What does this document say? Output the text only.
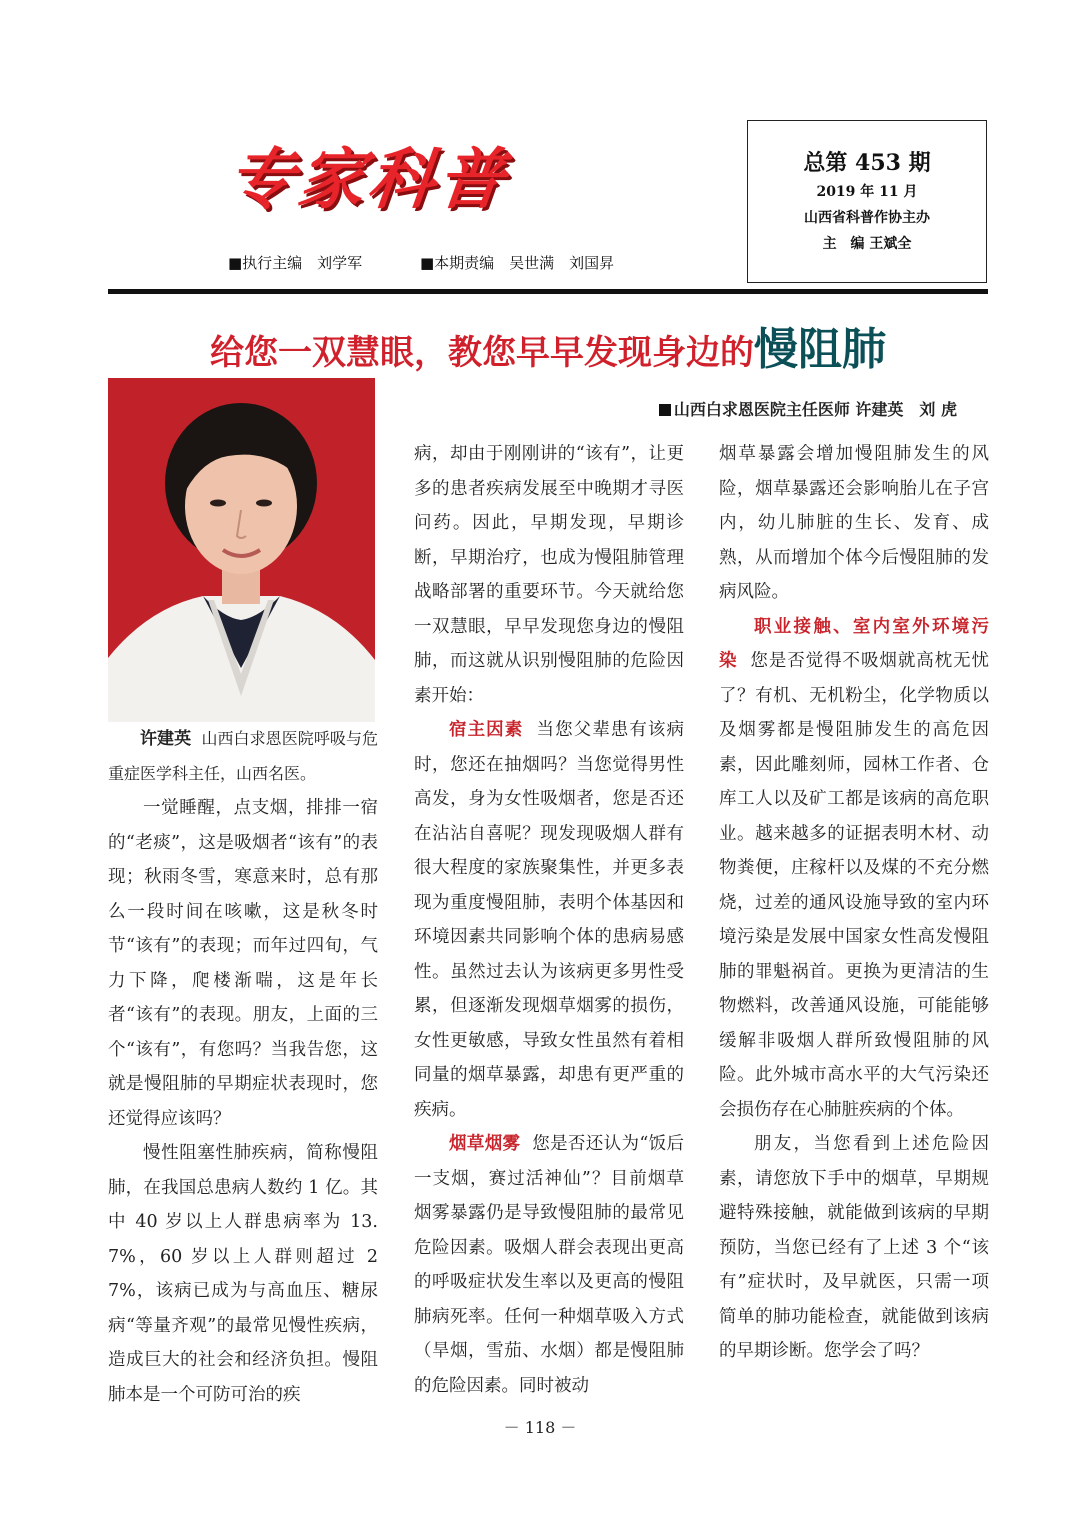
专家科普
■执行主编　刘学军	■本期责编　吴世满　刘国昇
总第 453 期
2019 年 11 月
山西省科普作协主办
主　编 王斌全
给您一双慧眼，教您早早发现身边的慢阻肺
山西白求恩医院主任医师 许建英　刘 虎

许建英 山西白求恩医院呼吸与危重症医学科主任，山西名医。

一觉睡醒，点支烟，排排一宿的“老痰”，这是吸烟者“该有”的表现；秋雨冬雪，寒意来时，总有那么一段时间在咳嗽，这是秋冬时节“该有”的表现；而年过四旬，气力下降，爬楼渐喘，这是年长者“该有”的表现。朋友，上面的三个“该有”，有您吗？当我告您，这就是慢阻肺的早期症状表现时，您还觉得应该吗？

慢性阻塞性肺疾病，简称慢阻肺，在我国总患病人数约 1 亿。其中 40 岁以上人群患病率为 13.7%，60 岁以上人群则超过 27%，该病已成为与高血压、糖尿病“等量齐观”的最常见慢性疾病，造成巨大的社会和经济负担。慢阻肺本是一个可防可治的疾

病，却由于刚刚讲的“该有”，让更多的患者疾病发展至中晚期才寻医问药。因此，早期发现，早期诊断，早期治疗，也成为慢阻肺管理战略部署的重要环节。今天就给您一双慧眼，早早发现您身边的慢阻肺，而这就从识别慢阻肺的危险因素开始：

宿主因素 当您父辈患有该病时，您还在抽烟吗？当您觉得男性高发，身为女性吸烟者，您是否还在沾沾自喜呢？现发现吸烟人群有很大程度的家族聚集性，并更多表现为重度慢阻肺，表明个体基因和环境因素共同影响个体的患病易感性。虽然过去认为该病更多男性受累，但逐渐发现烟草烟雾的损伤，女性更敏感，导致女性虽然有着相同量的烟草暴露，却患有更严重的疾病。

烟草烟雾 您是否还认为“饭后一支烟，赛过活神仙”？目前烟草烟雾暴露仍是导致慢阻肺的最常见危险因素。吸烟人群会表现出更高的呼吸症状发生率以及更高的慢阻肺病死率。任何一种烟草吸入方式（旱烟，雪茄、水烟）都是慢阻肺的危险因素。同时被动

烟草暴露会增加慢阻肺发生的风险，烟草暴露还会影响胎儿在子宫内，幼儿肺脏的生长、发育、成熟，从而增加个体今后慢阻肺的发病风险。

职业接触、室内室外环境污染 您是否觉得不吸烟就高枕无忧了？有机、无机粉尘，化学物质以及烟雾都是慢阻肺发生的高危因素，因此雕刻师，园林工作者、仓库工人以及矿工都是该病的高危职业。越来越多的证据表明木材、动物粪便，庄稼杆以及煤的不充分燃烧，过差的通风设施导致的室内环境污染是发展中国家女性高发慢阻肺的罪魁祸首。更换为更清洁的生物燃料，改善通风设施，可能能够缓解非吸烟人群所致慢阻肺的风险。此外城市高水平的大气污染还会损伤存在心肺脏疾病的个体。

朋友，当您看到上述危险因素，请您放下手中的烟草，早期规避特殊接触，就能做到该病的早期预防，当您已经有了上述 3 个“该有”症状时，及早就医，只需一项简单的肺功能检查，就能做到该病的早期诊断。您学会了吗？

－ 118 －
